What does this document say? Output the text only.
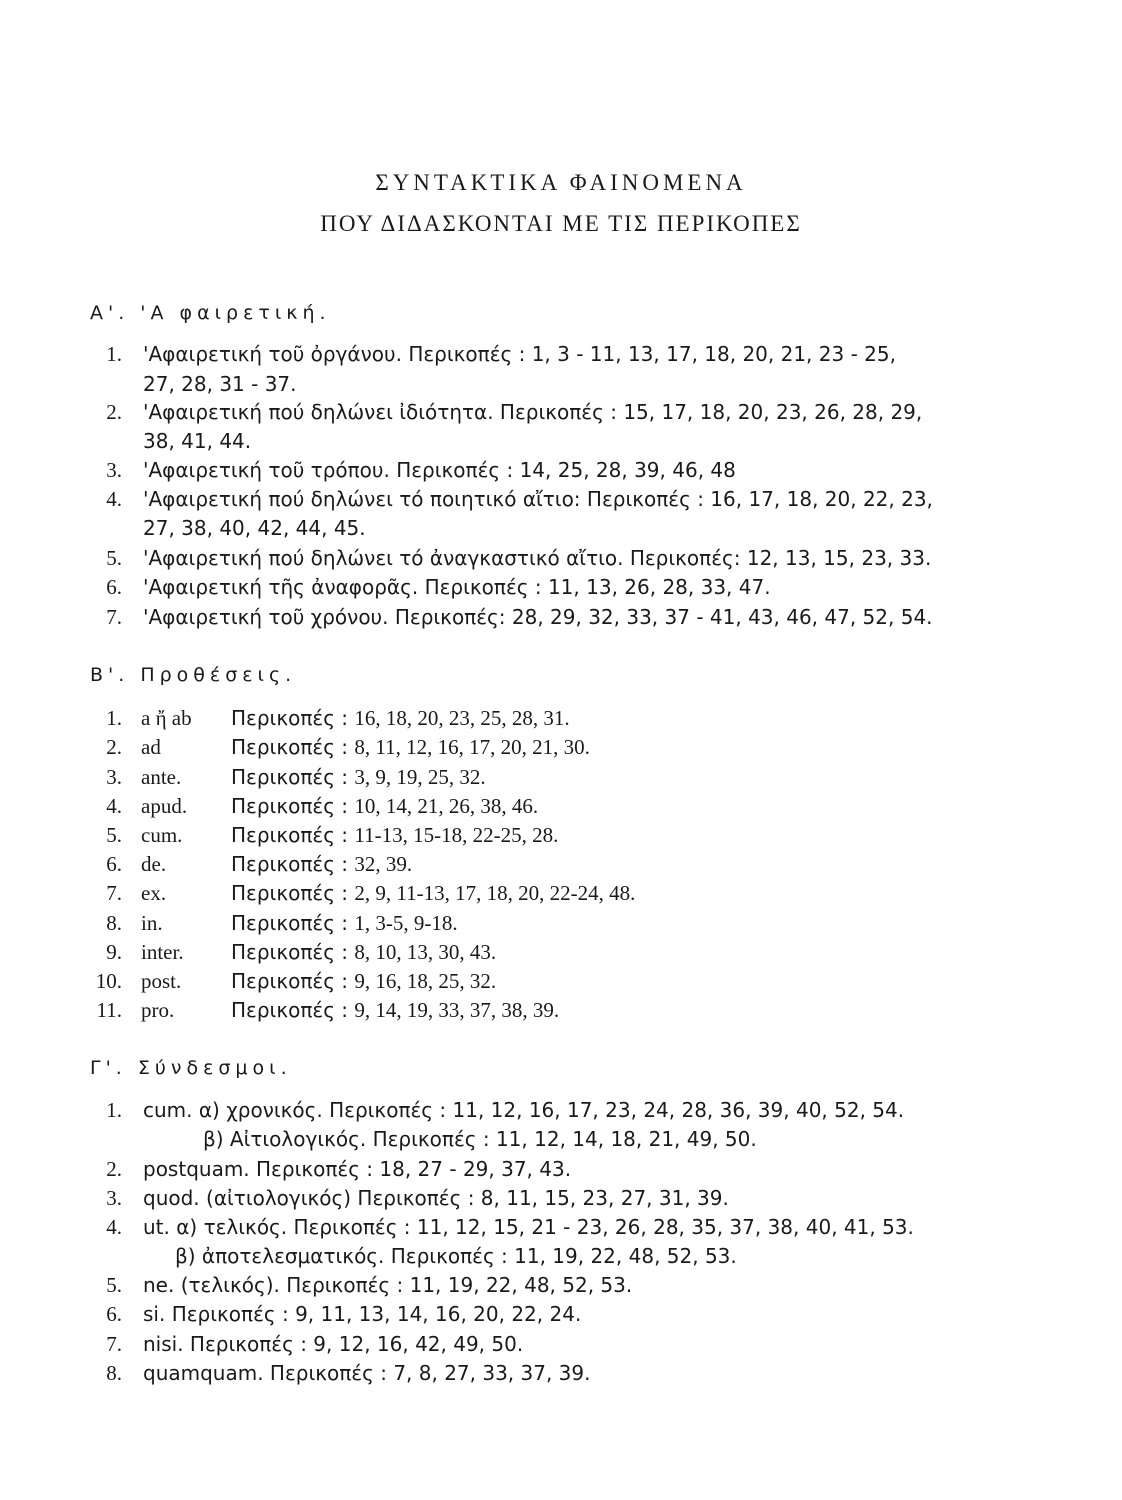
ΣΥΝΤΑΚΤΙΚΑ ΦΑΙΝΟΜΕΝΑ
ΠΟΥ ΔΙΔΑΣΚΟΝΤΑΙ ΜΕ ΤΙΣ ΠΕΡΙΚΟΠΕΣ
Α'. 'Α φαιρετική.
1. 'Αφαιρετική τοῦ ὀργάνου. Περικοπές : 1, 3 - 11, 13, 17, 18, 20, 21, 23 - 25,
27, 28, 31 - 37.
2. 'Αφαιρετική πού δηλώνει ἰδιότητα. Περικοπές : 15, 17, 18, 20, 23, 26, 28, 29,
38, 41, 44.
3. 'Αφαιρετική τοῦ τρόπου. Περικοπές : 14, 25, 28, 39, 46, 48
4. 'Αφαιρετική πού δηλώνει τό ποιητικό αἴτιο: Περικοπές : 16, 17, 18, 20, 22, 23,
27, 38, 40, 42, 44, 45.
5. 'Αφαιρετική πού δηλώνει τό ἀναγκαστικό αἴτιο. Περικοπές: 12, 13, 15, 23, 33.
6. 'Αφαιρετική τῆς ἀναφορᾶς. Περικοπές : 11, 13, 26, 28, 33, 47.
7. 'Αφαιρετική τοῦ χρόνου. Περικοπές: 28, 29, 32, 33, 37 - 41, 43, 46, 47, 52, 54.
Β'. Προθέσεις.
1. a ἤ ab Περικοπές : 16, 18, 20, 23, 25, 28, 31.
2. ad	Περικοπές : 8, 11, 12, 16, 17, 20, 21, 30.
3. ante. Περικοπές : 3, 9, 19, 25, 32.
4. apud. Περικοπές : 10, 14, 21, 26, 38, 46.
5. cum. Περικοπές : 11-13, 15-18, 22-25, 28.
6. de.	Περικοπές : 32, 39.
7. ex.	Περικοπές : 2, 9, 11-13, 17, 18, 20, 22-24, 48.
8. in.	Περικοπές : 1, 3-5, 9-18.
9. inter. Περικοπές : 8, 10, 13, 30, 43.
10. post. Περικοπές : 9, 16, 18, 25, 32.
11. pro.	Περικοπές : 9, 14, 19, 33, 37, 38, 39.
Γ'. Σύνδεσμοι.
1. cum. α) χρονικός. Περικοπές : 11, 12, 16, 17, 23, 24, 28, 36, 39, 40, 52, 54.
β) Αἰτιολογικός. Περικοπές : 11, 12, 14, 18, 21, 49, 50.
2. postquam. Περικοπές : 18, 27 - 29, 37, 43.
3. quod. (αἰτιολογικός) Περικοπές : 8, 11, 15, 23, 27, 31, 39.
4. ut. α) τελικός. Περικοπές : 11, 12, 15, 21 - 23, 26, 28, 35, 37, 38, 40, 41, 53.
β) ἀποτελεσματικός. Περικοπές : 11, 19, 22, 48, 52, 53.
5. ne. (τελικός). Περικοπές : 11, 19, 22, 48, 52, 53.
6. si. Περικοπές : 9, 11, 13, 14, 16, 20, 22, 24.
7. nisi. Περικοπές : 9, 12, 16, 42, 49, 50.
8. quamquam. Περικοπές : 7, 8, 27, 33, 37, 39.
